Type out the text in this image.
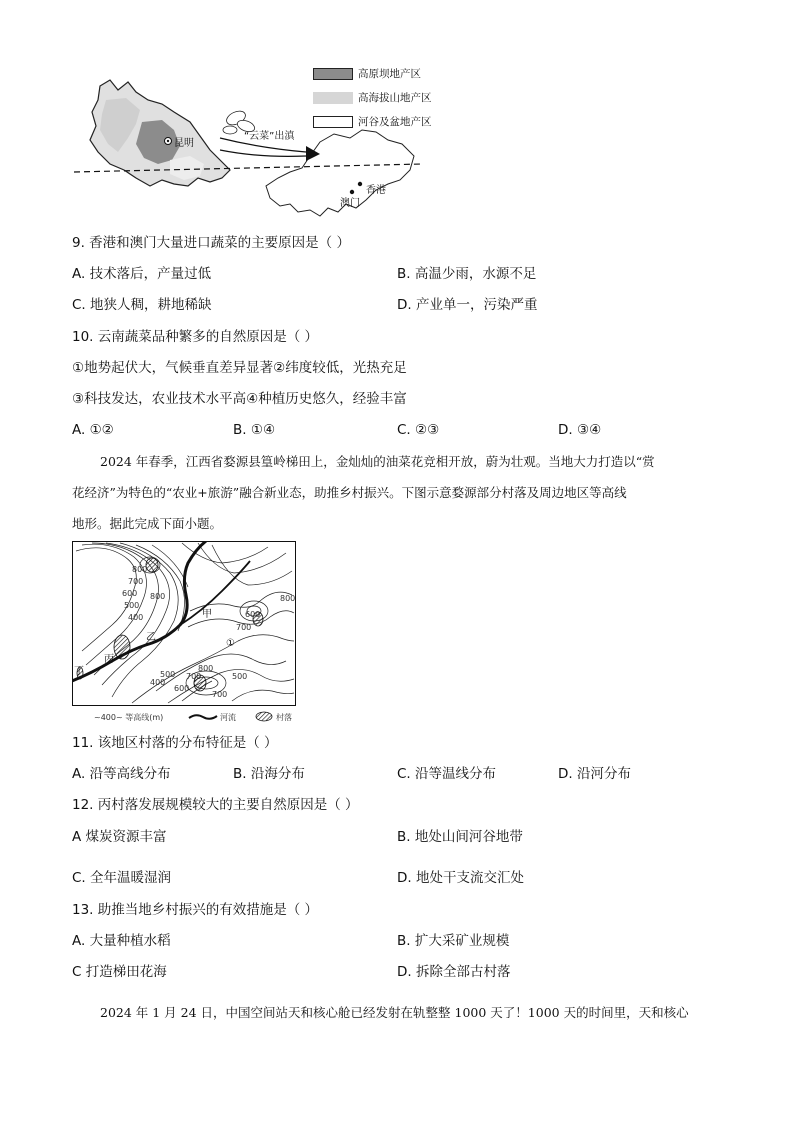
昆明
“云菜”出滇
香港
澳门
高原坝地产区
高海拔山地产区
河谷及盆地产区
9. 香港和澳门大量进口蔬菜的主要原因是（ ）
A. 技术落后，产量过低	B. 高温少雨，水源不足
C. 地狭人稠，耕地稀缺	D. 产业单一，污染严重
10. 云南蔬菜品种繁多的自然原因是（ ）
①地势起伏大，气候垂直差异显著②纬度较低，光热充足
③科技发达，农业技术水平高④种植历史悠久，经验丰富
A. ①②	B. ①④	C. ②③	D. ③④
2024 年春季，江西省婺源县篁岭梯田上，金灿灿的油菜花竞相开放，蔚为壮观。当地大力打造以“赏
花经济”为特色的“农业+旅游”融合新业态，助推乡村振兴。下图示意婺源部分村落及周边地区等高线
地形。据此完成下面小题。
800
700
600
500
400	600
700
800
400
500
600
700
800
500
700
800
甲
乙
丙
丁
①
~400~ 等高线(m)	河流	村落
11. 该地区村落的分布特征是（ ）
A. 沿等高线分布	B. 沿海分布	C. 沿等温线分布	D. 沿河分布
12. 丙村落发展规模较大的主要自然原因是（ ）
A 煤炭资源丰富	B. 地处山间河谷地带
C. 全年温暖湿润	D. 地处干支流交汇处
13. 助推当地乡村振兴的有效措施是（ ）
A. 大量种植水稻	B. 扩大采矿业规模
C 打造梯田花海	D. 拆除全部古村落
2024 年 1 月 24 日，中国空间站天和核心舱已经发射在轨整整 1000 天了！1000 天的时间里，天和核心
